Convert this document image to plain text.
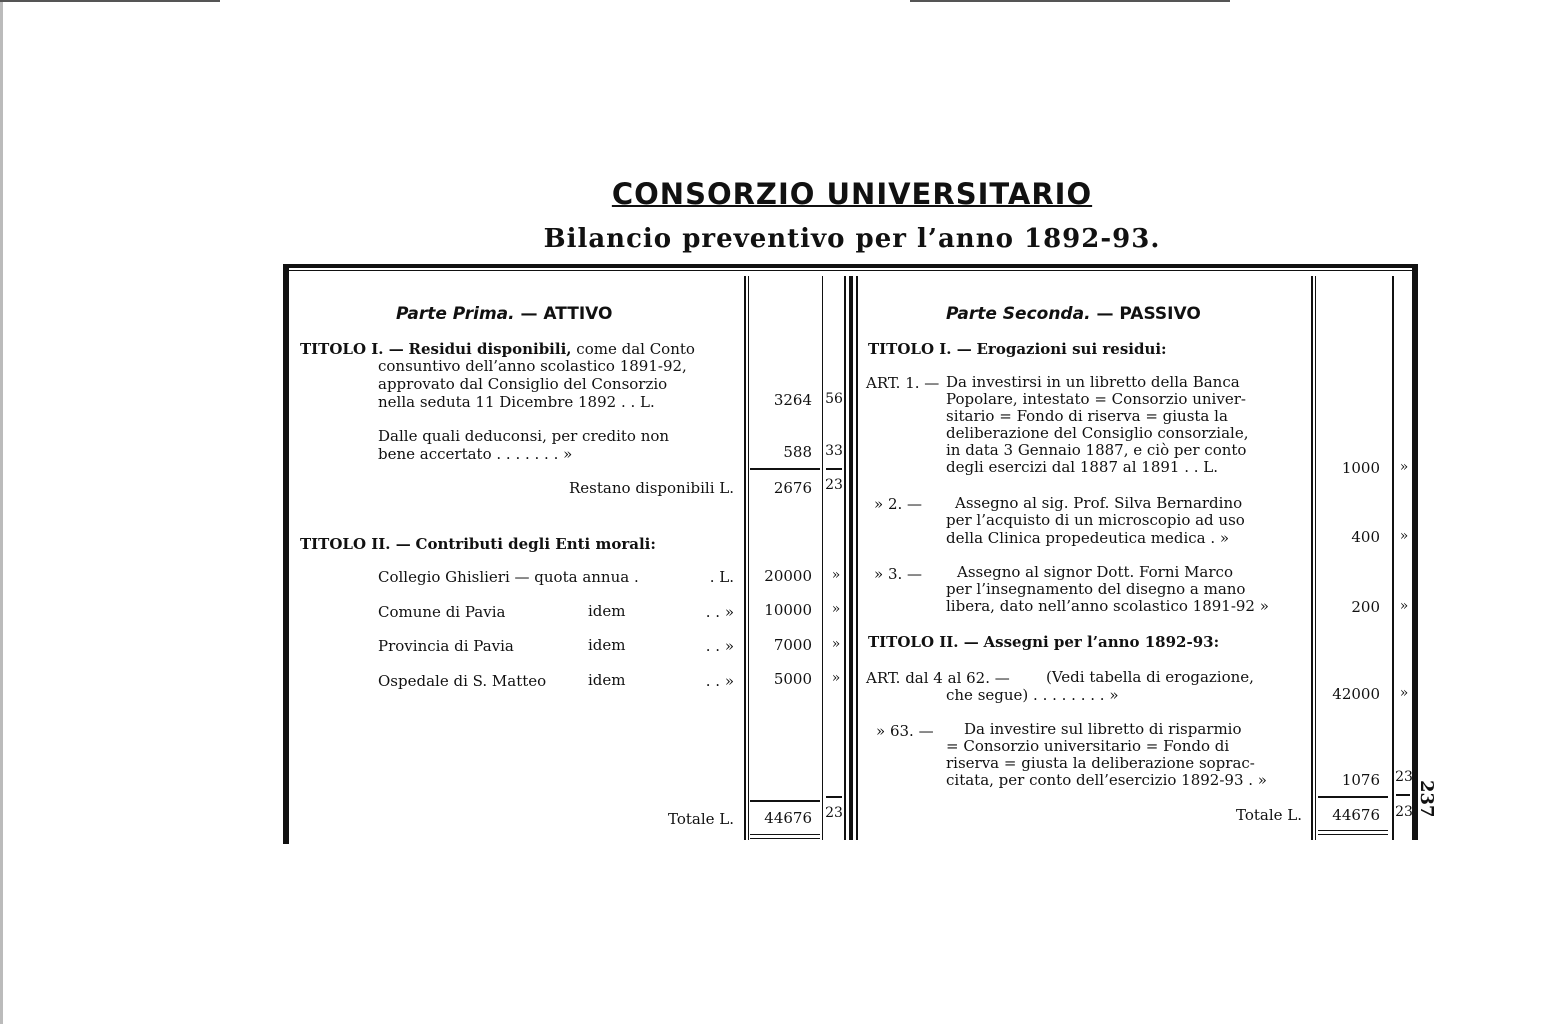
CONSORZIO UNIVERSITARIO
Bilancio preventivo per l’anno 1892-93.
Parte Prima. — ATTIVO
TITOLO I. — Residui disponibili, come dal Conto
consuntivo dell’anno scolastico 1891-92,
approvato dal Consiglio del Consorzio
nella seduta 11 Dicembre 1892 . . L.	3264 56
Dalle quali deduconsi, per credito non
bene accertato . . . . . . . »	588 33
Restano disponibili L.	2676 23
TITOLO II. — Contributi degli Enti morali:
Collegio Ghislieri — quota annua .	. L.	20000 »
Comune di Pavia	idem	. . »	10000 »
Provincia di Pavia	idem	. . »	7000 »
Ospedale di S. Matteo	idem	. . »	5000 »
Totale L.	44676 23
Parte Seconda. — PASSIVO
TITOLO I. — Erogazioni sui residui:
ART. 1. — Da investirsi in un libretto della Banca
Popolare, intestato = Consorzio univer-
sitario = Fondo di riserva = giusta la
deliberazione del Consiglio consorziale,
in data 3 Gennaio 1887, e ciò per conto
degli esercizi dal 1887 al 1891 . . L.	1000 »
» 2. — Assegno al sig. Prof. Silva Bernardino
per l’acquisto di un microscopio ad uso
della Clinica propedeutica medica . »	400 »
» 3. — Assegno al signor Dott. Forni Marco
per l’insegnamento del disegno a mano
libera, dato nell’anno scolastico 1891-92 »	200 »
TITOLO II. — Assegni per l’anno 1892-93:
ART. dal 4 al 62. — (Vedi tabella di erogazione,
che segue) . . . . . . . . »	42000 »
» 63. — Da investire sul libretto di risparmio
= Consorzio universitario = Fondo di
riserva = giusta la deliberazione soprac-
citata, per conto dell’esercizio 1892-93 . »	1076 23
Totale L.	44676 23 237
